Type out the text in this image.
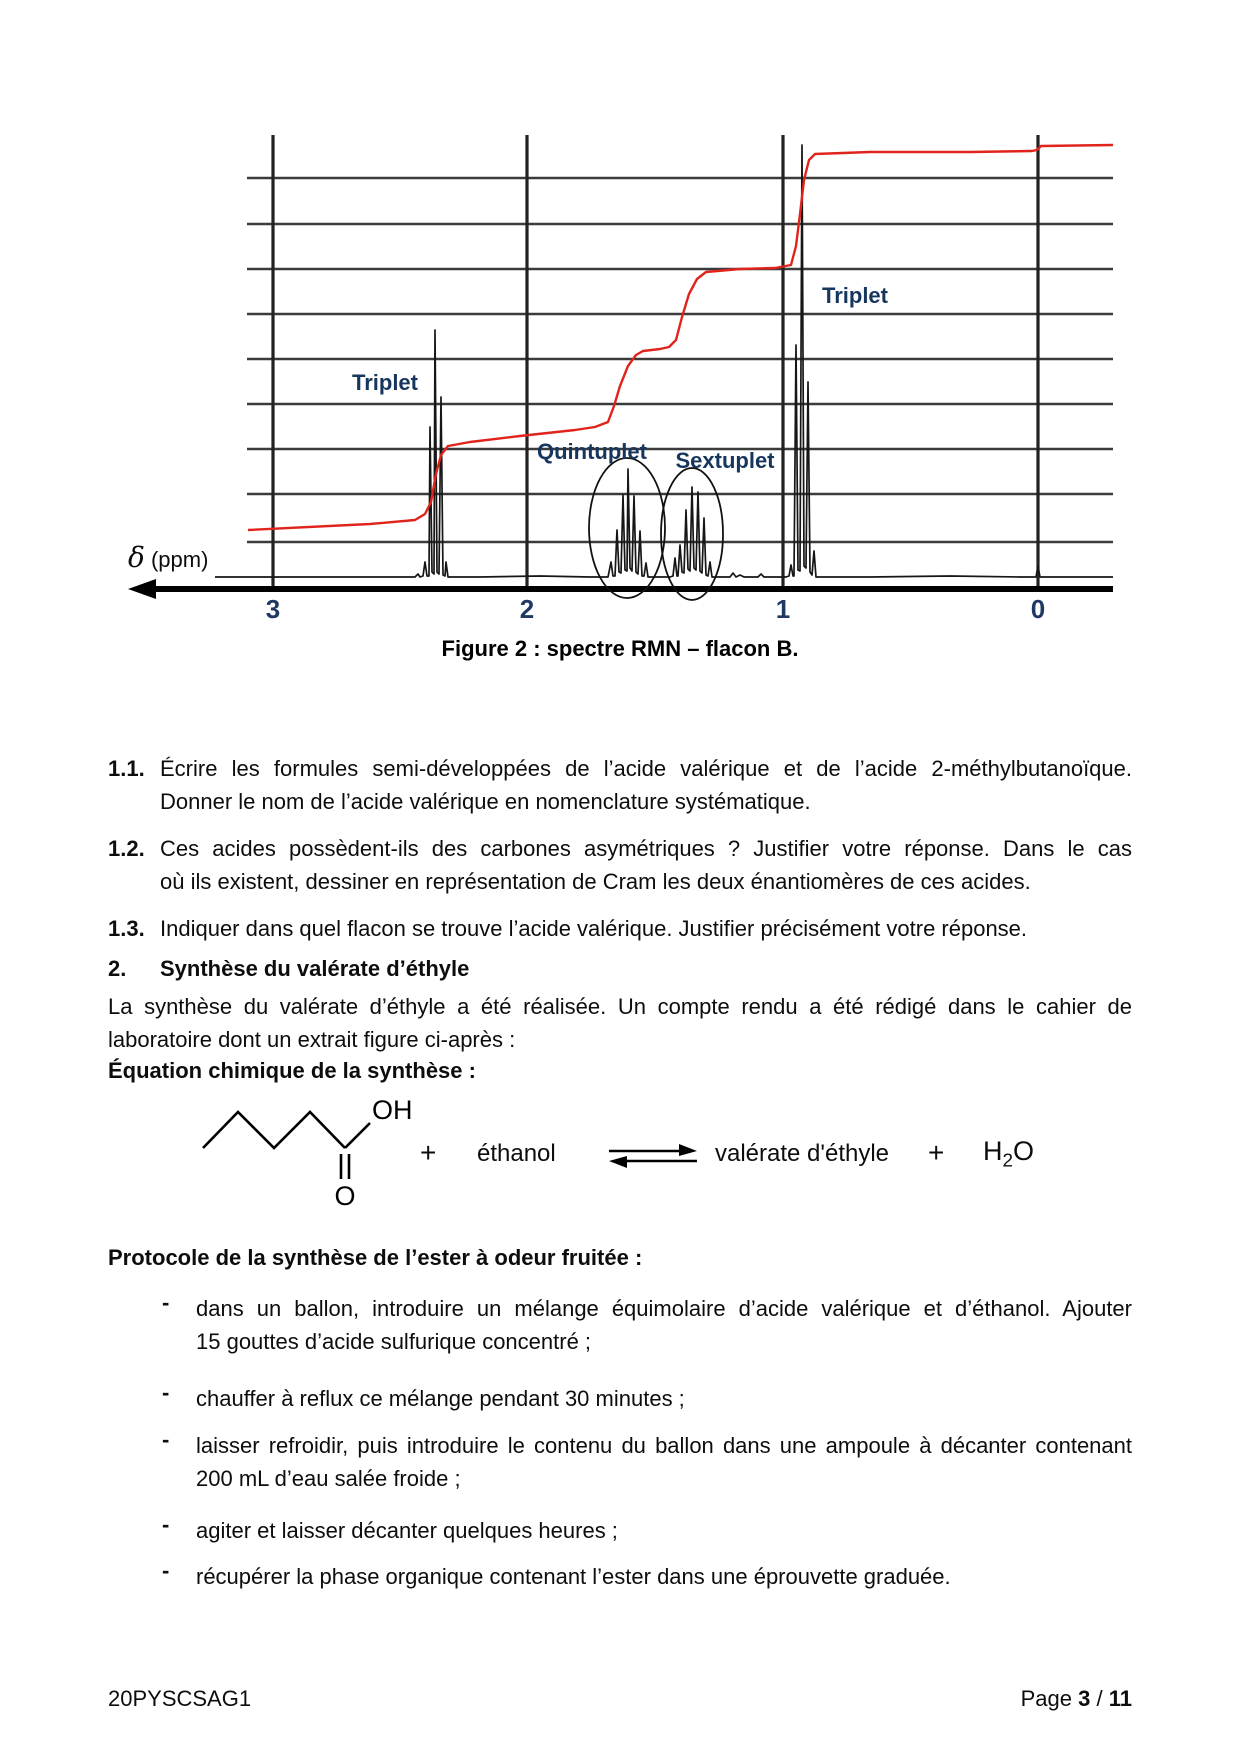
Triplet
Quintuplet Sextuplet
Triplet
3	2	1	0
δ (ppm)
Figure 2 : spectre RMN – flacon B.
1.1. Écrire les formules semi-développées de l’acide valérique et de l’acide 2-méthylbutanoïque.
Donner le nom de l’acide valérique en nomenclature systématique.
1.2. Ces acides possèdent-ils des carbones asymétriques ? Justifier votre réponse. Dans le cas
où ils existent, dessiner en représentation de Cram les deux énantiomères de ces acides.
1.3. Indiquer dans quel flacon se trouve l’acide valérique. Justifier précisément votre réponse.
2. Synthèse du valérate d’éthyle
La synthèse du valérate d’éthyle a été réalisée. Un compte rendu a été rédigé dans le cahier de
laboratoire dont un extrait figure ci-après :
Équation chimique de la synthèse :
OH
O
+ éthanol	valérate d'éthyle + $H_2O$
Protocole de la synthèse de l’ester à odeur fruitée :
- dans un ballon, introduire un mélange équimolaire d’acide valérique et d’éthanol. Ajouter
15 gouttes d’acide sulfurique concentré ;
- chauffer à reflux ce mélange pendant 30 minutes ;
- laisser refroidir, puis introduire le contenu du ballon dans une ampoule à décanter contenant
200 mL d’eau salée froide ;
- agiter et laisser décanter quelques heures ;
- récupérer la phase organique contenant l’ester dans une éprouvette graduée.
20PYSCSAG1	Page 3 / 11
